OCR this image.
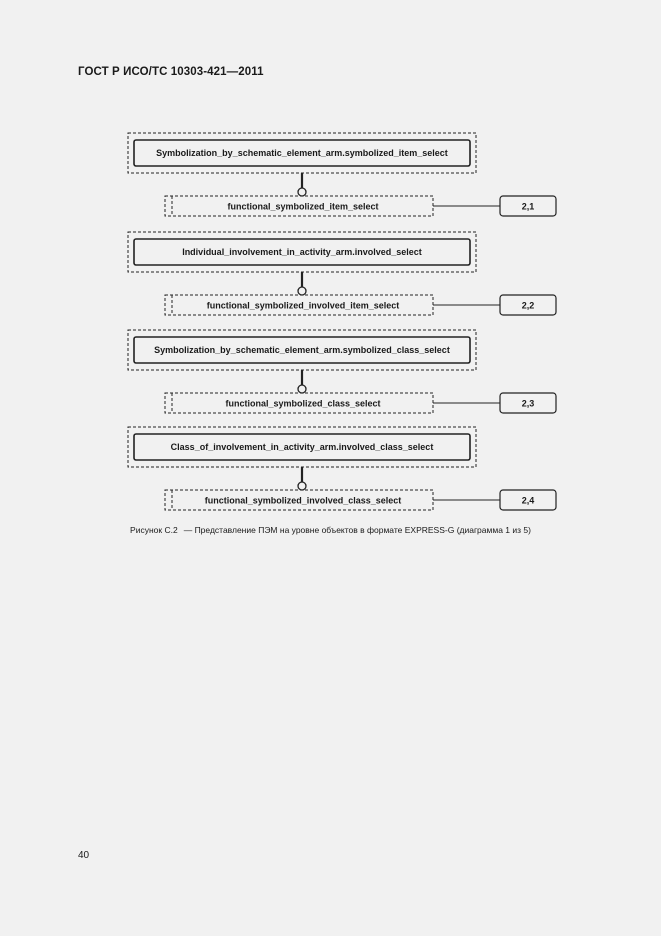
ГОСТ Р ИСО/ТС 10303-421—2011
Symbolization_by_schematic_element_arm.symbolized_item_select
functional_symbolized_item_select	2,1
Individual_involvement_in_activity_arm.involved_select
functional_symbolized_involved_item_select	2,2
Symbolization_by_schematic_element_arm.symbolized_class_select
functional_symbolized_class_select	2,3
Class_of_involvement_in_activity_arm.involved_class_select
functional_symbolized_involved_class_select	2,4
Рисунок С.2 — Представление ПЭМ на уровне объектов в формате EXPRESS-G (диаграмма 1 из 5)
40
